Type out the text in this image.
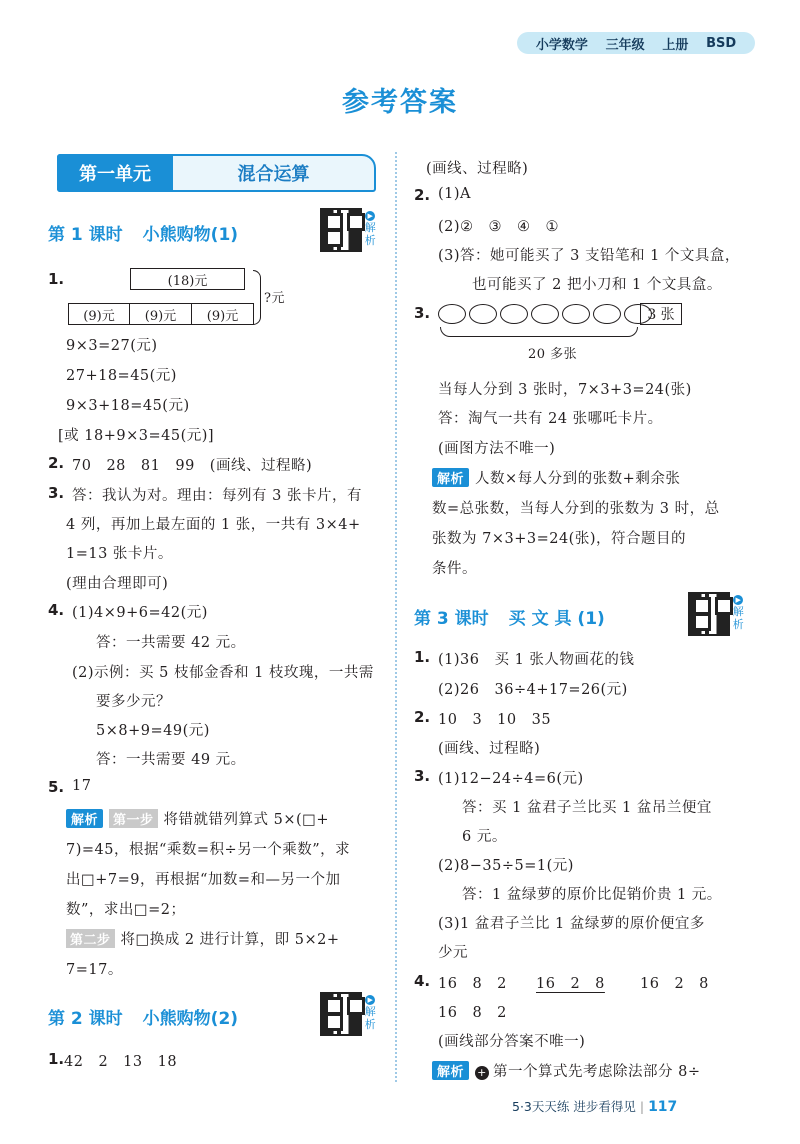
小学数学 三年级 上册 BSD
参考答案
第一单元	混合运算
第 1 课时 小熊购物(1)
▶解析
1.	(18)元
(9)元	(9)元	(9)元
?元
9×3=27(元)
27+18=45(元)
9×3+18=45(元)
[或 18+9×3=45(元)]
2. 70　28　81　99　(画线、过程略)
3. 答：我认为对。理由：每列有 3 张卡片，有
4 列，再加上最左面的 1 张，一共有 3×4+
1=13 张卡片。
(理由合理即可)
4. (1)4×9+6=42(元)
答：一共需要 42 元。
(2)示例：买 5 枝郁金香和 1 枝玫瑰，一共需
要多少元？
5×8+9=49(元)
答：一共需要 49 元。
5. 17
解析 第一步 将错就错列算式 5×(□+
7)=45，根据“乘数=积÷另一个乘数”，求
出□+7=9，再根据“加数=和—另一个加
数”，求出□=2；
第二步 将□换成 2 进行计算，即 5×2+
7=17。
第 2 课时 小熊购物(2)
▶解析
1. 42　2　13　18
(画线、过程略)
2. (1)A
(2)②　③　④　①
(3)答：她可能买了 3 支铅笔和 1 个文具盒，
也可能买了 2 把小刀和 1 个文具盒。
3.	3 张
20 多张
当每人分到 3 张时，7×3+3=24(张)
答：淘气一共有 24 张哪吒卡片。
(画图方法不唯一)
解析 人数×每人分到的张数+剩余张
数=总张数，当每人分到的张数为 3 时，总
张数为 7×3+3=24(张)，符合题目的
条件。
第 3 课时 买 文 具 (1)
▶解析
1. (1)36　买 1 张人物画花的钱
(2)26　36÷4+17=26(元)
2. 10　3　10　35
(画线、过程略)
3. (1)12−24÷4=6(元)
答：买 1 盆君子兰比买 1 盆吊兰便宜
6 元。
(2)8−35÷5=1(元)
答：1 盆绿萝的原价比促销价贵 1 元。
(3)1 盆君子兰比 1 盆绿萝的原价便宜多
少元
4. 16　8　2 16　2　8 16　2　8
16　8　2
(画线部分答案不唯一)
解析 + 第一个算式先考虑除法部分 8÷
5·3天天练 进步看得见 | 117
